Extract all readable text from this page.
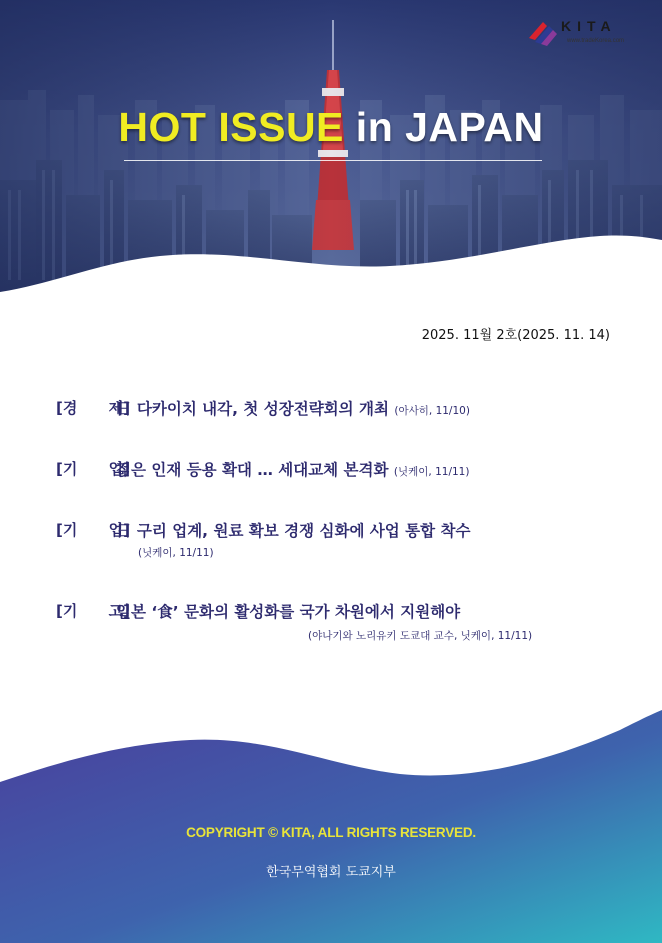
KITA
www.tradeKorea.com
HOT ISSUE in JAPAN
2025. 11월 2호(2025. 11. 14)
[경      제]
日 다카이치 내각, 첫 성장전략회의 개최 (아사히, 11/10)
[기      업]
젊은 인재 등용 확대 … 세대교체 본격화 (닛케이, 11/11)
[기      업]
日 구리 업계, 원료 확보 경쟁 심화에 사업 통합 착수
(닛케이, 11/11)
[기      고]
일본 ‘食’ 문화의 활성화를 국가 차원에서 지원해야
(야나기와 노리유키 도쿄대 교수, 닛케이, 11/11)
COPYRIGHT © KITA, ALL RIGHTS RESERVED.
한국무역협회 도쿄지부
